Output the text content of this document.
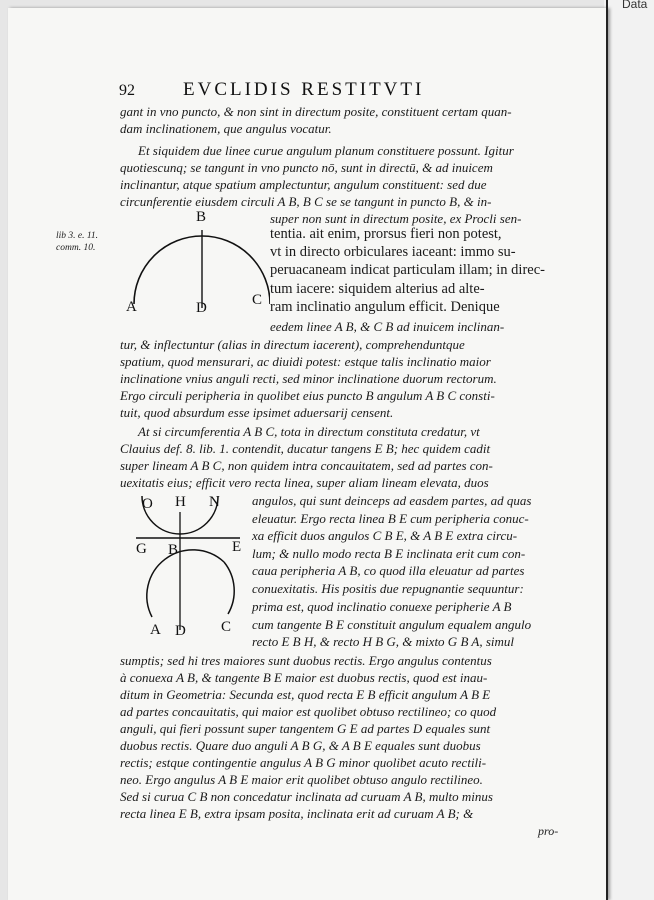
Data
92	EVCLIDIS RESTITVTI
lib 3. e. 11.
comm. 10.
B
A	D	C
O H N
G B	E
A D C
gant in vno puncto, & non sint in directum posite, constituent certam quan-
dam inclinationem, que angulus vocatur.
Et siquidem due linee curue angulum planum constituere possunt. Igitur
quotiescunq; se tangunt in vno puncto nō, sunt in directū, & ad inuicem
inclinantur, atque spatium amplectuntur, angulum constituent: sed due
circunferentie eiusdem circuli A B, B C se se tangunt in puncto B, & in-
super non sunt in directum posite, ex Procli sen-
tentia. ait enim, prorsus fieri non potest,
vt in directo orbiculares iaceant: immo su-
peruacaneam indicat particulam illam; in direc-
tum iacere: siquidem alterius ad alte-
ram inclinatio angulum efficit. Denique
eedem linee A B, & C B ad inuicem inclinan-
tur, & inflectuntur (alias in directum iacerent), comprehenduntque
spatium, quod mensurari, ac diuidi potest: estque talis inclinatio maior
inclinatione vnius anguli recti, sed minor inclinatione duorum rectorum.
Ergo circuli peripheria in quolibet eius puncto B angulum A B C consti-
tuit, quod absurdum esse ipsimet aduersarij censent.
At si circumferentia A B C, tota in directum constituta credatur, vt
Clauius def. 8. lib. 1. contendit, ducatur tangens E B; hec quidem cadit
super lineam A B C, non quidem intra concauitatem, sed ad partes con-
uexitatis eius; efficit vero recta linea, super aliam lineam elevata, duos
angulos, qui sunt deinceps ad easdem partes, ad quas
eleuatur. Ergo recta linea B E cum peripheria conuc-
xa efficit duos angulos C B E, & A B E extra circu-
lum; & nullo modo recta B E inclinata erit cum con-
caua peripheria A B, co quod illa eleuatur ad partes
conuexitatis. His positis due repugnantie sequuntur:
prima est, quod inclinatio conuexe peripherie A B
cum tangente B E constituit angulum equalem angulo
recto E B H, & recto H B G, & mixto G B A, simul
sumptis; sed hi tres maiores sunt duobus rectis. Ergo angulus contentus
à conuexa A B, & tangente B E maior est duobus rectis, quod est inau-
ditum in Geometria: Secunda est, quod recta E B efficit angulum A B E
ad partes concauitatis, qui maior est quolibet obtuso rectilineo; co quod
anguli, qui fieri possunt super tangentem G E ad partes D equales sunt
duobus rectis. Quare duo anguli A B G, & A B E equales sunt duobus
rectis; estque contingentie angulus A B G minor quolibet acuto rectili-
neo. Ergo angulus A B E maior erit quolibet obtuso angulo rectilineo.
Sed si curua C B non concedatur inclinata ad curuam A B, multo minus
recta linea E B, extra ipsam posita, inclinata erit ad curuam A B; &
pro-
